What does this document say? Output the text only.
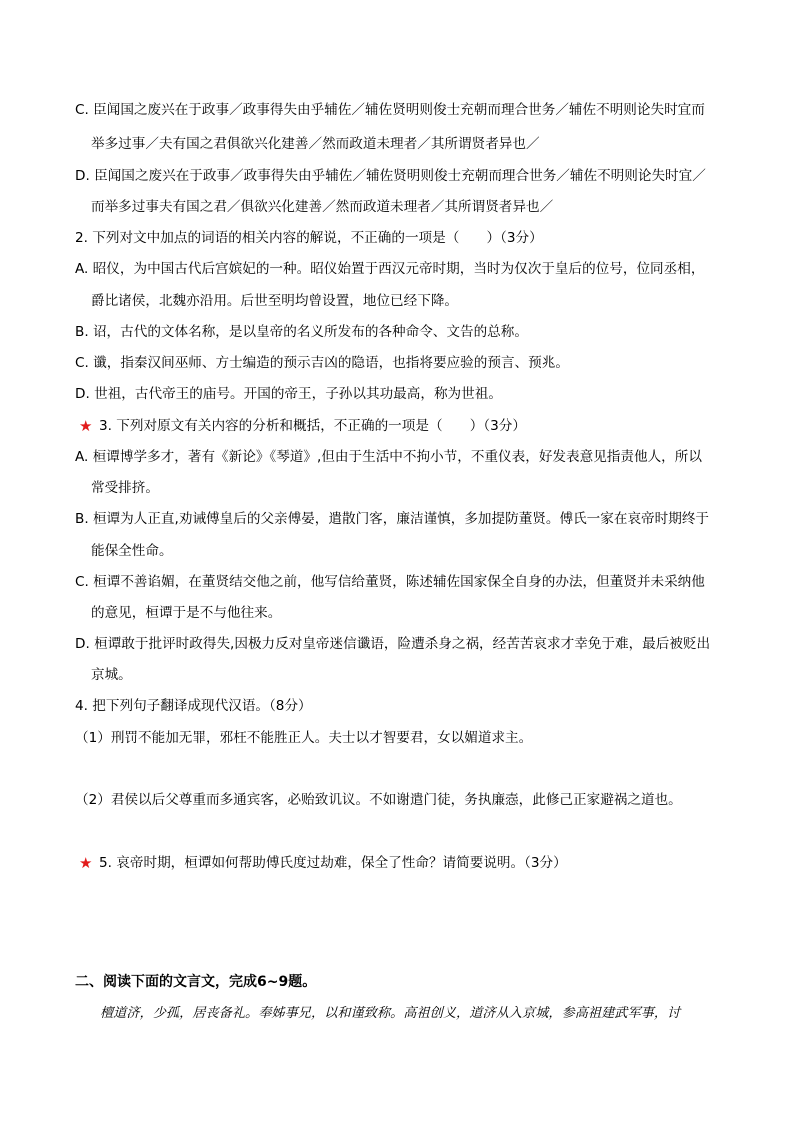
C. 臣闻国之废兴在于政事／政事得失由乎辅佐／辅佐贤明则俊士充朝而理合世务／辅佐不明则论失时宜而
举多过事／夫有国之君俱欲兴化建善／然而政道未理者／其所谓贤者异也／
D. 臣闻国之废兴在于政事／政事得失由乎辅佐／辅佐贤明则俊士充朝而理合世务／辅佐不明则论失时宜／
而举多过事夫有国之君／俱欲兴化建善／然而政道未理者／其所谓贤者异也／
2. 下列对文中加点的词语的相关内容的解说，不正确的一项是（　　）（3分）
A. 昭仪，为中国古代后宫嫔妃的一种。昭仪始置于西汉元帝时期，当时为仅次于皇后的位号，位同丞相，
爵比诸侯，北魏亦沿用。后世至明均曾设置，地位已经下降。
B. 诏，古代的文体名称，是以皇帝的名义所发布的各种命令、文告的总称。
C. 谶，指秦汉间巫师、方士编造的预示吉凶的隐语，也指将要应验的预言、预兆。
D. 世祖，古代帝王的庙号。开国的帝王，子孙以其功最高，称为世祖。
★ 3. 下列对原文有关内容的分析和概括，不正确的一项是（　　）（3分）
A. 桓谭博学多才，著有《新论》《琴道》,但由于生活中不拘小节，不重仪表，好发表意见指责他人，所以
常受排挤。
B. 桓谭为人正直,劝诫傅皇后的父亲傅晏，遣散门客，廉洁谨慎，多加提防董贤。傅氏一家在哀帝时期终于
能保全性命。
C. 桓谭不善谄媚，在董贤结交他之前，他写信给董贤，陈述辅佐国家保全自身的办法，但董贤并未采纳他
的意见，桓谭于是不与他往来。
D. 桓谭敢于批评时政得失,因极力反对皇帝迷信谶语，险遭杀身之祸，经苦苦哀求才幸免于难，最后被贬出
京城。
4. 把下列句子翻译成现代汉语。（8分）
（1）刑罚不能加无罪，邪枉不能胜正人。夫士以才智要君，女以媚道求主。
（2）君侯以后父尊重而多通宾客，必贻致讥议。不如谢遣门徒，务执廉悫，此修己正家避祸之道也。
★ 5. 哀帝时期，桓谭如何帮助傅氏度过劫难，保全了性命？请简要说明。（3分）
二、阅读下面的文言文，完成6~9题。
檀道济，少孤，居丧备礼。奉姊事兄，以和谨致称。高祖创义，道济从入京城，参高祖建武军事，讨
